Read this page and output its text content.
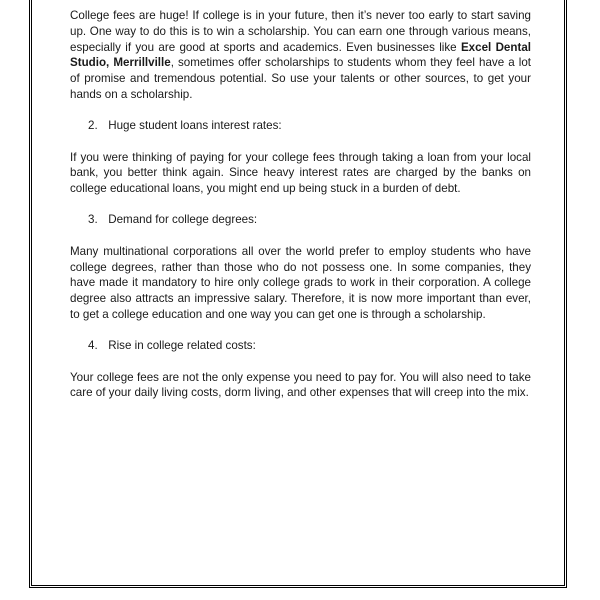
College fees are huge! If college is in your future, then it’s never too early to start saving up. One way to do this is to win a scholarship. You can earn one through various means, especially if you are good at sports and academics. Even businesses like Excel Dental Studio, Merrillville, sometimes offer scholarships to students whom they feel have a lot of promise and tremendous potential. So use your talents or other sources, to get your hands on a scholarship.

2. Huge student loans interest rates:

If you were thinking of paying for your college fees through taking a loan from your local bank, you better think again. Since heavy interest rates are charged by the banks on college educational loans, you might end up being stuck in a burden of debt.

3. Demand for college degrees:

Many multinational corporations all over the world prefer to employ students who have college degrees, rather than those who do not possess one. In some companies, they have made it mandatory to hire only college grads to work in their corporation. A college degree also attracts an impressive salary. Therefore, it is now more important than ever, to get a college education and one way you can get one is through a scholarship.

4. Rise in college related costs:

Your college fees are not the only expense you need to pay for. You will also need to take care of your daily living costs, dorm living, and other expenses that will creep into the mix.
